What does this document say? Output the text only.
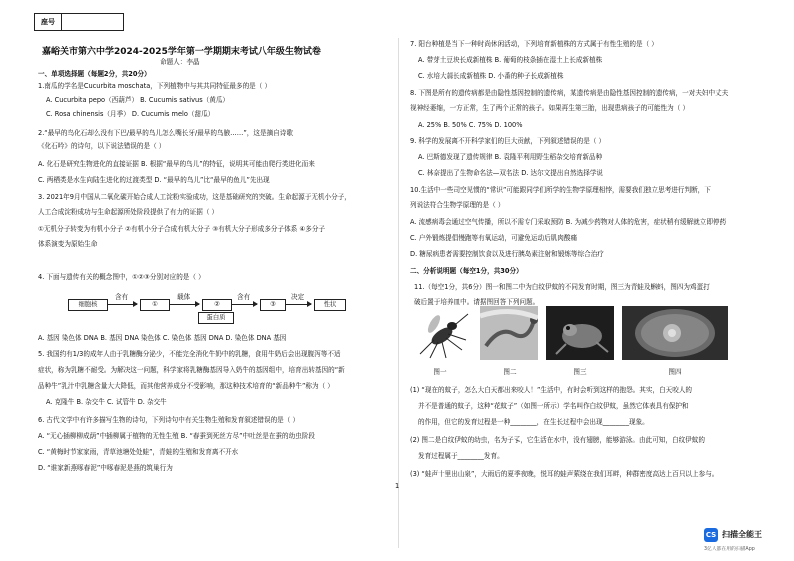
座号
嘉峪关市第六中学2024-2025学年第一学期期末考试八年级生物试卷
命题人：李晶
一、单项选择题（每题2分，共20分）
1.南瓜的学名是Cucurbita moschata，下列植物中与其共同特征最多的是（ ）
A. Cucurbita pepo（西葫芦） B. Cucumis sativus（黄瓜）
C. Rosa chinensis（月季） D. Cucumis melo（甜瓜）
2.“最早的鸟化石却么没有下巴/最早的鸟儿怎么嘴长牙/最早的鸟腋……”，这是摘自诗歌
《化石吟》的诗句，以下说法错误的是（ ）
A. 化石是研究生物进化的直接证据 B. 根据“最早的鸟儿”的特征，说明其可能由爬行类进化而来
C. 两栖类是水生向陆生进化的过渡类型 D. “最早的鸟儿”比“最早的鱼儿”先出现
3. 2021年9月中国从二氧化碳开始合成人工淀粉实验成功，这是基础研究的突破。生命起源于无机小分子，
人工合成淀粉成功与生命起源所处阶段提供了有力的证据（ ）
①无机分子转变为有机小分子 ②有机小分子合成有机大分子 ③有机大分子形成多分子体系 ④多分子
体系演变为原始生命
4. 下面与遗传有关的概念图中，①②③分别对应的是（ ）
细胞核
含有
①
载体
②
含有
③
决定
性状
蛋白质
A. 基因 染色体 DNA B. 基因 DNA 染色体 C. 染色体 基因 DNA D. 染色体 DNA 基因
5. 我国约有1/3的成年人由于乳糖酶分泌少，不能完全消化牛奶中的乳糖，食用牛奶后会出现腹泻等不适
症状，称为乳糖不耐受。为解决这一问题，科学家将乳糖酶基因导入奶牛的基因组中，培育出转基因的“新
品种牛”乳汁中乳糖含量大大降低，而其他营养成分不受影响，那这种技术培育的“新品种牛”称为（ ）
A. 克隆牛 B. 杂交牛 C. 试管牛 D. 杂交牛
6. 古代文学中有许多描写生物的诗句，下列诗句中有关生物生殖和发育叙述错误的是（ ）
A. “无心插柳柳成荫”中插柳属于植物的无性生殖 B. “春蚕到死丝方尽”中吐丝是在蚕的幼虫阶段
C. “黄梅时节家家雨，青草池塘处处蛙”，青蛙的生殖和发育离不开水
D. “谁家新燕啄春泥”中啄春泥是燕的筑巢行为
7. 阳台种植是当下一种时尚休闲活动，下列培育新植株的方式属于有性生殖的是（ ）
A. 带芽土豆块长成新植株 B. 葡萄的枝条插在湿土上长成新植株
C. 水培大蒜长成新植株 D. 小番的种子长成新植株
8. 下图是所有的遗传病都是由隐性基因控制的遗传病，某遗传病是由隐性基因控制的遗传病，一对夫妇中丈夫
视神经萎缩，一方正常，生了两个正常的孩子。如果再生第三胎，出现患病孩子的可能性为（ ）
A. 25% B. 50% C. 75% D. 100%
9. 科学的发展离不开科学家们的巨大贡献，下列叙述错误的是（ ）
A. 巴斯德发现了遗传规律 B. 袁隆平利用野生稻杂交培育新品种
C. 林奈提出了生物命名法—双名法 D. 达尔文提出自然选择学说
10.生活中一些司空见惯的“常识”可能跟同学们所学的生物学原理相悖，需要我们独立思考进行判断，下
列说法符合生物学原理的是（ ）
A. 流感病毒会通过空气传播，所以不需专门采取预防 B. 为减少药物对人体的危害，症状稍有缓解就立即停药
C. 户外锻炼提倡慢跑等有氧运动，可避免运动后肌肉酸痛
D. 糖尿病患者需要控制饮食以及进行胰岛素注射和锻炼等综合治疗
二、分析说明题（每空1分，共30分）
11.（每空1分，共6分）图一和图二中为白纹伊蚊的不同发育时期，图三为青蛙及蝌蚪，图四为鸡蛋打
破后置于培养皿中。请据图回答下列问题。
图一	图二	图三	图四
(1) “现在的蚊子，怎么大白天都出来咬人！”生活中，有时会听到这样的抱怨。其实，白天咬人的
并不是普通的蚊子，这种“花蚊子”（如图一所示）学名叫作白纹伊蚊，虽然它体表具有保护和
的作用，但它的发育过程是一种________，在生长过程中会出现________现象。
(2) 图二是白纹伊蚊的幼虫，名为子孓，它生活在水中，没有翅膀，能够游泳。由此可知，白纹伊蚊的
发育过程属于________发育。
(3) “蛙声十里出山泉”，大雨后的夏季夜晚，悦耳的蛙声萦绕在我们耳畔，种群密度高达上百只以上参与。
1
CS 扫描全能王
3亿人都在用的扫描App
